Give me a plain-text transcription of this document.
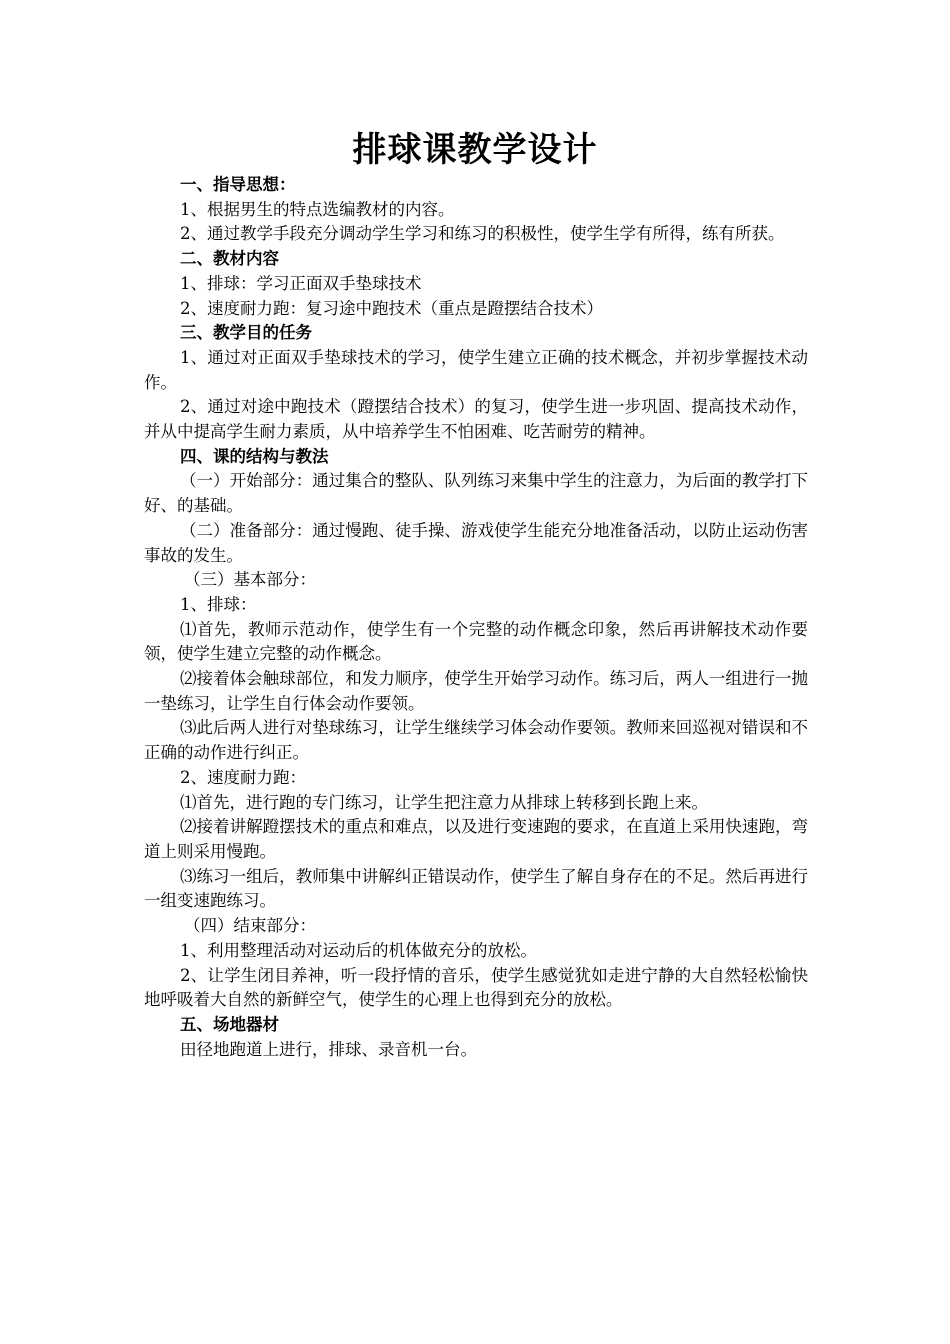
排球课教学设计

一、指导思想：

1、根据男生的特点选编教材的内容。

2、通过教学手段充分调动学生学习和练习的积极性，使学生学有所得，练有所获。

二、教材内容

1、排球：学习正面双手垫球技术

2、速度耐力跑：复习途中跑技术（重点是蹬摆结合技术）

三、教学目的任务

1、通过对正面双手垫球技术的学习，使学生建立正确的技术概念，并初步掌握技术动作。

2、通过对途中跑技术（蹬摆结合技术）的复习，使学生进一步巩固、提高技术动作，并从中提高学生耐力素质，从中培养学生不怕困难、吃苦耐劳的精神。

四、课的结构与教法

（一）开始部分：通过集合的整队、队列练习来集中学生的注意力，为后面的教学打下好、的基础。

（二）准备部分：通过慢跑、徒手操、游戏使学生能充分地准备活动，以防止运动伤害事故的发生。

（三）基本部分：

1、排球：

⑴首先，教师示范动作，使学生有一个完整的动作概念印象，然后再讲解技术动作要领，使学生建立完整的动作概念。

⑵接着体会触球部位，和发力顺序，使学生开始学习动作。练习后，两人一组进行一抛一垫练习，让学生自行体会动作要领。

⑶此后两人进行对垫球练习，让学生继续学习体会动作要领。教师来回巡视对错误和不正确的动作进行纠正。

2、速度耐力跑：

⑴首先，进行跑的专门练习，让学生把注意力从排球上转移到长跑上来。

⑵接着讲解蹬摆技术的重点和难点，以及进行变速跑的要求，在直道上采用快速跑，弯道上则采用慢跑。

⑶练习一组后，教师集中讲解纠正错误动作，使学生了解自身存在的不足。然后再进行一组变速跑练习。

（四）结束部分：

1、利用整理活动对运动后的机体做充分的放松。

2、让学生闭目养神，听一段抒情的音乐，使学生感觉犹如走进宁静的大自然轻松愉快地呼吸着大自然的新鲜空气，使学生的心理上也得到充分的放松。

五、场地器材

田径地跑道上进行，排球、录音机一台。
